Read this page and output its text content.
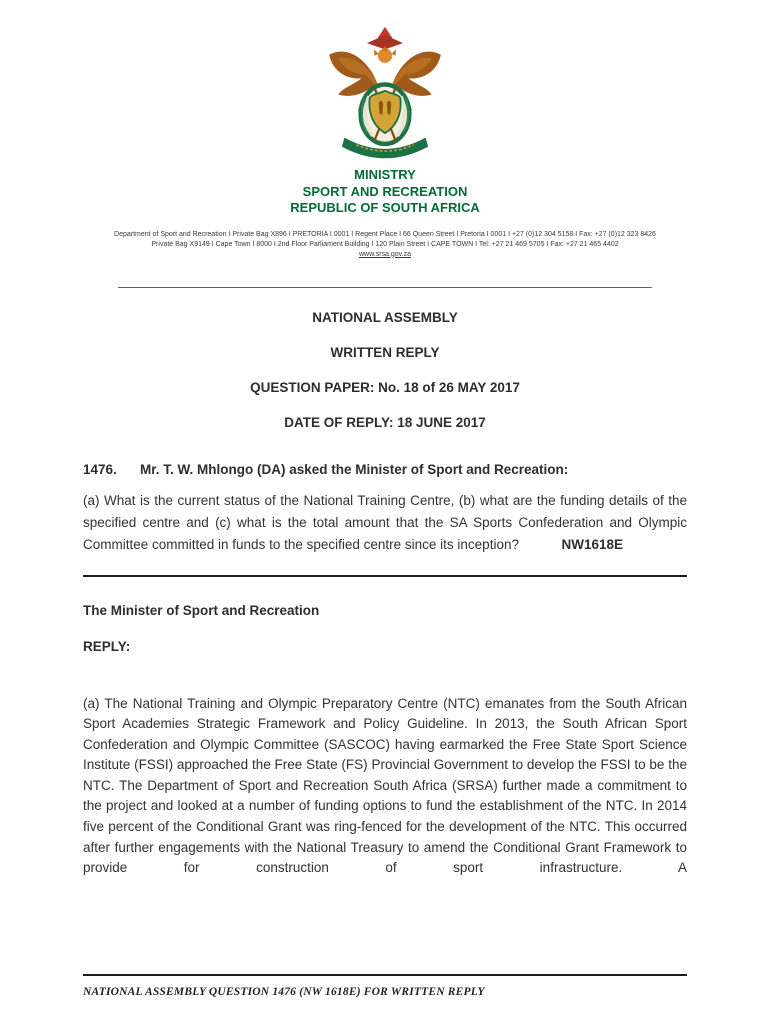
MINISTRY
SPORT AND RECREATION
REPUBLIC OF SOUTH AFRICA
Department of Sport and Recreation I Private Bag X896 I PRETORIA I 0001 I Regent Place I 66 Queen Street I Pretoria I 0001 I +27 (0)12 304 5158 I Fax: +27 (0)12 323 8426
Private Bag X9149 I Cape Town I 8000 I 2nd Floor Parliament Building I 120 Plain Street I CAPE TOWN I Tel: +27 21 469 5705 I Fax: +27 21 465 4402
www.srsa.gov.za
NATIONAL ASSEMBLY
WRITTEN REPLY
QUESTION PAPER: No. 18 of 26 MAY 2017
DATE OF REPLY: 18 JUNE 2017
1476.	Mr. T. W. Mhlongo (DA) asked the Minister of Sport and Recreation:

(a) What is the current status of the National Training Centre, (b) what are the funding details of the specified centre and (c) what is the total amount that the SA Sports Confederation and Olympic Committee committed in funds to the specified centre since its inception?	NW1618E

The Minister of Sport and Recreation
REPLY:

(a) The National Training and Olympic Preparatory Centre (NTC) emanates from the South African Sport Academies Strategic Framework and Policy Guideline. In 2013, the South African Sport Confederation and Olympic Committee (SASCOC) having earmarked the Free State Sport Science Institute (FSSI) approached the Free State (FS) Provincial Government to develop the FSSI to be the NTC. The Department of Sport and Recreation South Africa (SRSA) further made a commitment to the project and looked at a number of funding options to fund the establishment of the NTC. In 2014 five percent of the Conditional Grant was ring-fenced for the development of the NTC. This occurred after further engagements with the National Treasury to amend the Conditional Grant Framework to provide for construction of sport infrastructure. A

NATIONAL ASSEMBLY QUESTION 1476 (NW 1618E) FOR WRITTEN REPLY
